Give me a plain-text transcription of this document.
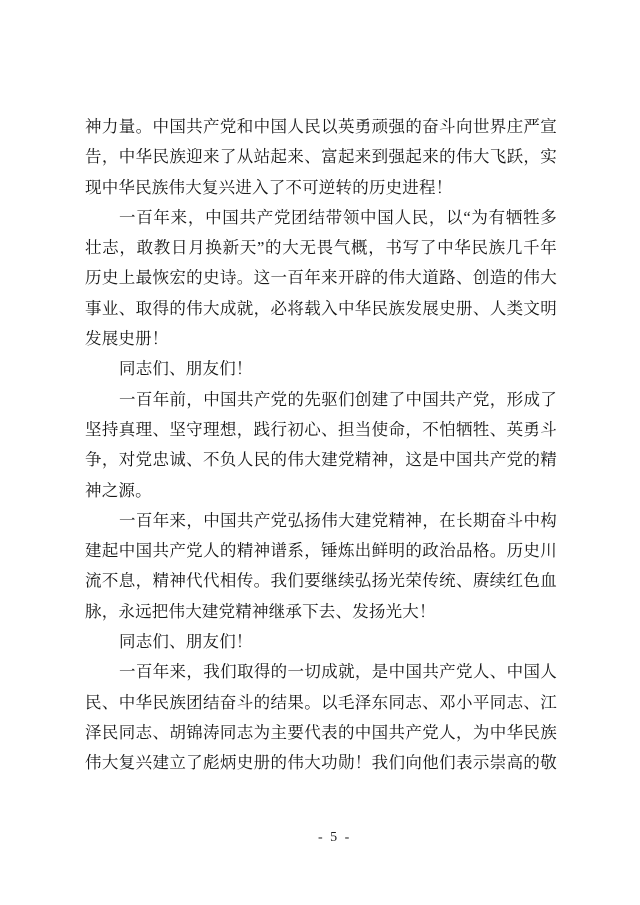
神力量。中国共产党和中国人民以英勇顽强的奋斗向世界庄严宣
告，中华民族迎来了从站起来、富起来到强起来的伟大飞跃，实
现中华民族伟大复兴进入了不可逆转的历史进程！
一百年来，中国共产党团结带领中国人民，以“为有牺牲多
壮志，敢教日月换新天”的大无畏气概，书写了中华民族几千年
历史上最恢宏的史诗。这一百年来开辟的伟大道路、创造的伟大
事业、取得的伟大成就，必将载入中华民族发展史册、人类文明
发展史册！
同志们、朋友们！
一百年前，中国共产党的先驱们创建了中国共产党，形成了
坚持真理、坚守理想，践行初心、担当使命，不怕牺牲、英勇斗
争，对党忠诚、不负人民的伟大建党精神，这是中国共产党的精
神之源。
一百年来，中国共产党弘扬伟大建党精神，在长期奋斗中构
建起中国共产党人的精神谱系，锤炼出鲜明的政治品格。历史川
流不息，精神代代相传。我们要继续弘扬光荣传统、赓续红色血
脉，永远把伟大建党精神继承下去、发扬光大！
同志们、朋友们！
一百年来，我们取得的一切成就，是中国共产党人、中国人
民、中华民族团结奋斗的结果。以毛泽东同志、邓小平同志、江
泽民同志、胡锦涛同志为主要代表的中国共产党人，为中华民族
伟大复兴建立了彪炳史册的伟大功勋！我们向他们表示崇高的敬
- 5 -
